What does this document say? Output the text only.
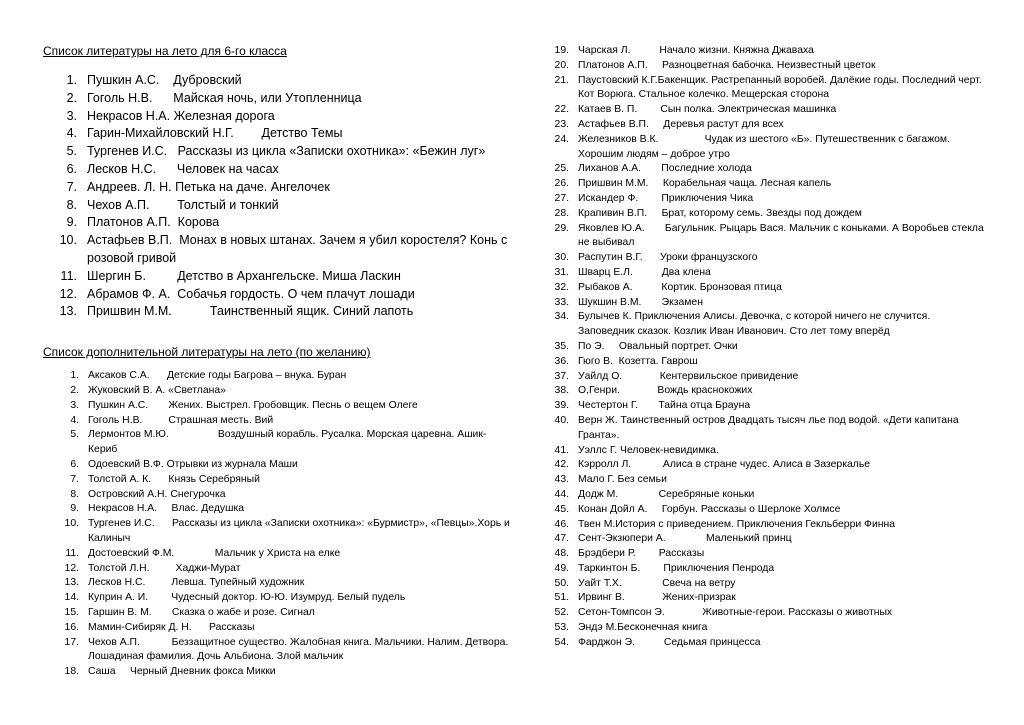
Список литературы на лето для 6-го класса

1. Пушкин А.С.    Дубровский
2. Гоголь Н.В.      Майская ночь, или Утопленница
3. Некрасов Н.А. Железная дорога
4. Гарин-Михайловский Н.Г.        Детство Темы
5. Тургенев И.С.   Рассказы из цикла «Записки охотника»: «Бежин луг»
6. Лесков Н.С.      Человек на часах
7. Андреев. Л. Н. Петька на даче. Ангелочек
8. Чехов А.П.        Толстый и тонкий
9. Платонов А.П.  Корова
10. Астафьев В.П.  Монах в новых штанах. Зачем я убил коростеля? Конь с розовой гривой
11. Шергин Б.         Детство в Архангельске. Миша Ласкин
12. Абрамов Ф. А.  Собачья гордость. О чем плачут лошади
13. Пришвин М.М.           Таинственный ящик. Синий лапоть

Список дополнительной литературы на лето (по желанию)

1. Аксаков С.А.      Детские годы Багрова – внука. Буран
2. Жуковский В. А. «Светлана»
3. Пушкин А.С.       Жених. Выстрел. Гробовщик. Песнь о вещем Олеге
4. Гоголь Н.В.         Страшная месть. Вий
5. Лермонтов М.Ю.                 Воздушный корабль. Русалка. Морская царевна. Ашик-Кериб
6. Одоевский В.Ф. Отрывки из журнала Маши
7. Толстой А. К.      Князь Серебряный
8. Островский А.Н. Снегурочка
9. Некрасов Н.А.     Влас. Дедушка
10. Тургенев И.С.      Рассказы из цикла «Записки охотника»: «Бурмистр», «Певцы».Хорь и Калиныч
11. Достоевский Ф.М.              Мальчик у Христа на елке
12. Толстой Л.Н.         Хаджи-Мурат
13. Лесков Н.С.         Левша. Тупейный художник
14. Куприн А. И.        Чудесный доктор. Ю-Ю. Изумруд. Белый пудель
15. Гаршин В. М.       Сказка о жабе и розе. Сигнал
16. Мамин-Сибиряк Д. Н.      Рассказы
17. Чехов А.П.           Беззащитное существо. Жалобная книга. Мальчики. Налим. Детвора. Лошадиная фамилия. Дочь Альбиона. Злой мальчик
18. Саша     Черный Дневник фокса Микки
19. Чарская Л.          Начало жизни. Княжна Джаваха
20. Платонов А.П.     Разноцветная бабочка. Неизвестный цветок
21. Паустовский К.Г.Бакенщик. Растрепанный воробей. Далёкие годы. Последний черт. Кот Ворюга. Стальное колечко. Мещерская сторона
22. Катаев В. П.        Сын полка. Электрическая машинка
23. Астафьев В.П.     Деревья растут для всех
24. Железников В.К.                Чудак из шестого «Б». Путешественник с багажом. Хорошим людям – доброе утро
25. Лиханов А.А.       Последние холода
26. Пришвин М.М.     Корабельная чаща. Лесная капель
27. Искандер Ф.        Приключения Чика
28. Крапивин В.П.     Брат, которому семь. Звезды под дождем
29. Яковлев Ю.А.       Багульник. Рыцарь Вася. Мальчик с коньками. А Воробьев стекла не выбивал
30. Распутин В.Г.      Уроки французского
31. Шварц Е.Л.          Два клена
32. Рыбаков А.          Кортик. Бронзовая птица
33. Шукшин В.М.       Экзамен
34. Булычев К. Приключения Алисы. Девочка, с которой ничего не случится. Заповедник сказок. Козлик Иван Иванович. Сто лет тому вперёд
35. По Э.     Овальный портрет. Очки
36. Гюго В.  Козетта. Гаврош
37. Уайлд О.             Кентервильское привидение
38. О,Генри.             Вождь краснокожих
39. Честертон Г.       Тайна отца Брауна
40. Верн Ж. Таинственный остров Двадцать тысяч лье под водой. «Дети капитана Гранта».
41. Уэллс Г. Человек-невидимка.
42. Кэрролл Л.           Алиса в стране чудес. Алиса в Зазеркалье
43. Мало Г. Без семьи
44. Додж М.              Серебряные коньки
45. Конан Дойл А.     Горбун. Рассказы о Шерлоке Холмсе
46. Твен М.История с приведением. Приключения Гекльберри Финна
47. Сент-Экзюпери А.              Маленький принц
48. Брэдбери Р.        Рассказы
49. Таркинтон Б.        Приключения Пенрода
50. Уайт Т.Х.              Свеча на ветру
51. Ирвинг В.             Жених-призрак
52. Сетон-Томпсон Э.             Животные-герои. Рассказы о животных
53. Эндэ М.Бесконечная книга
54. Фарджон Э.          Седьмая принцесса
